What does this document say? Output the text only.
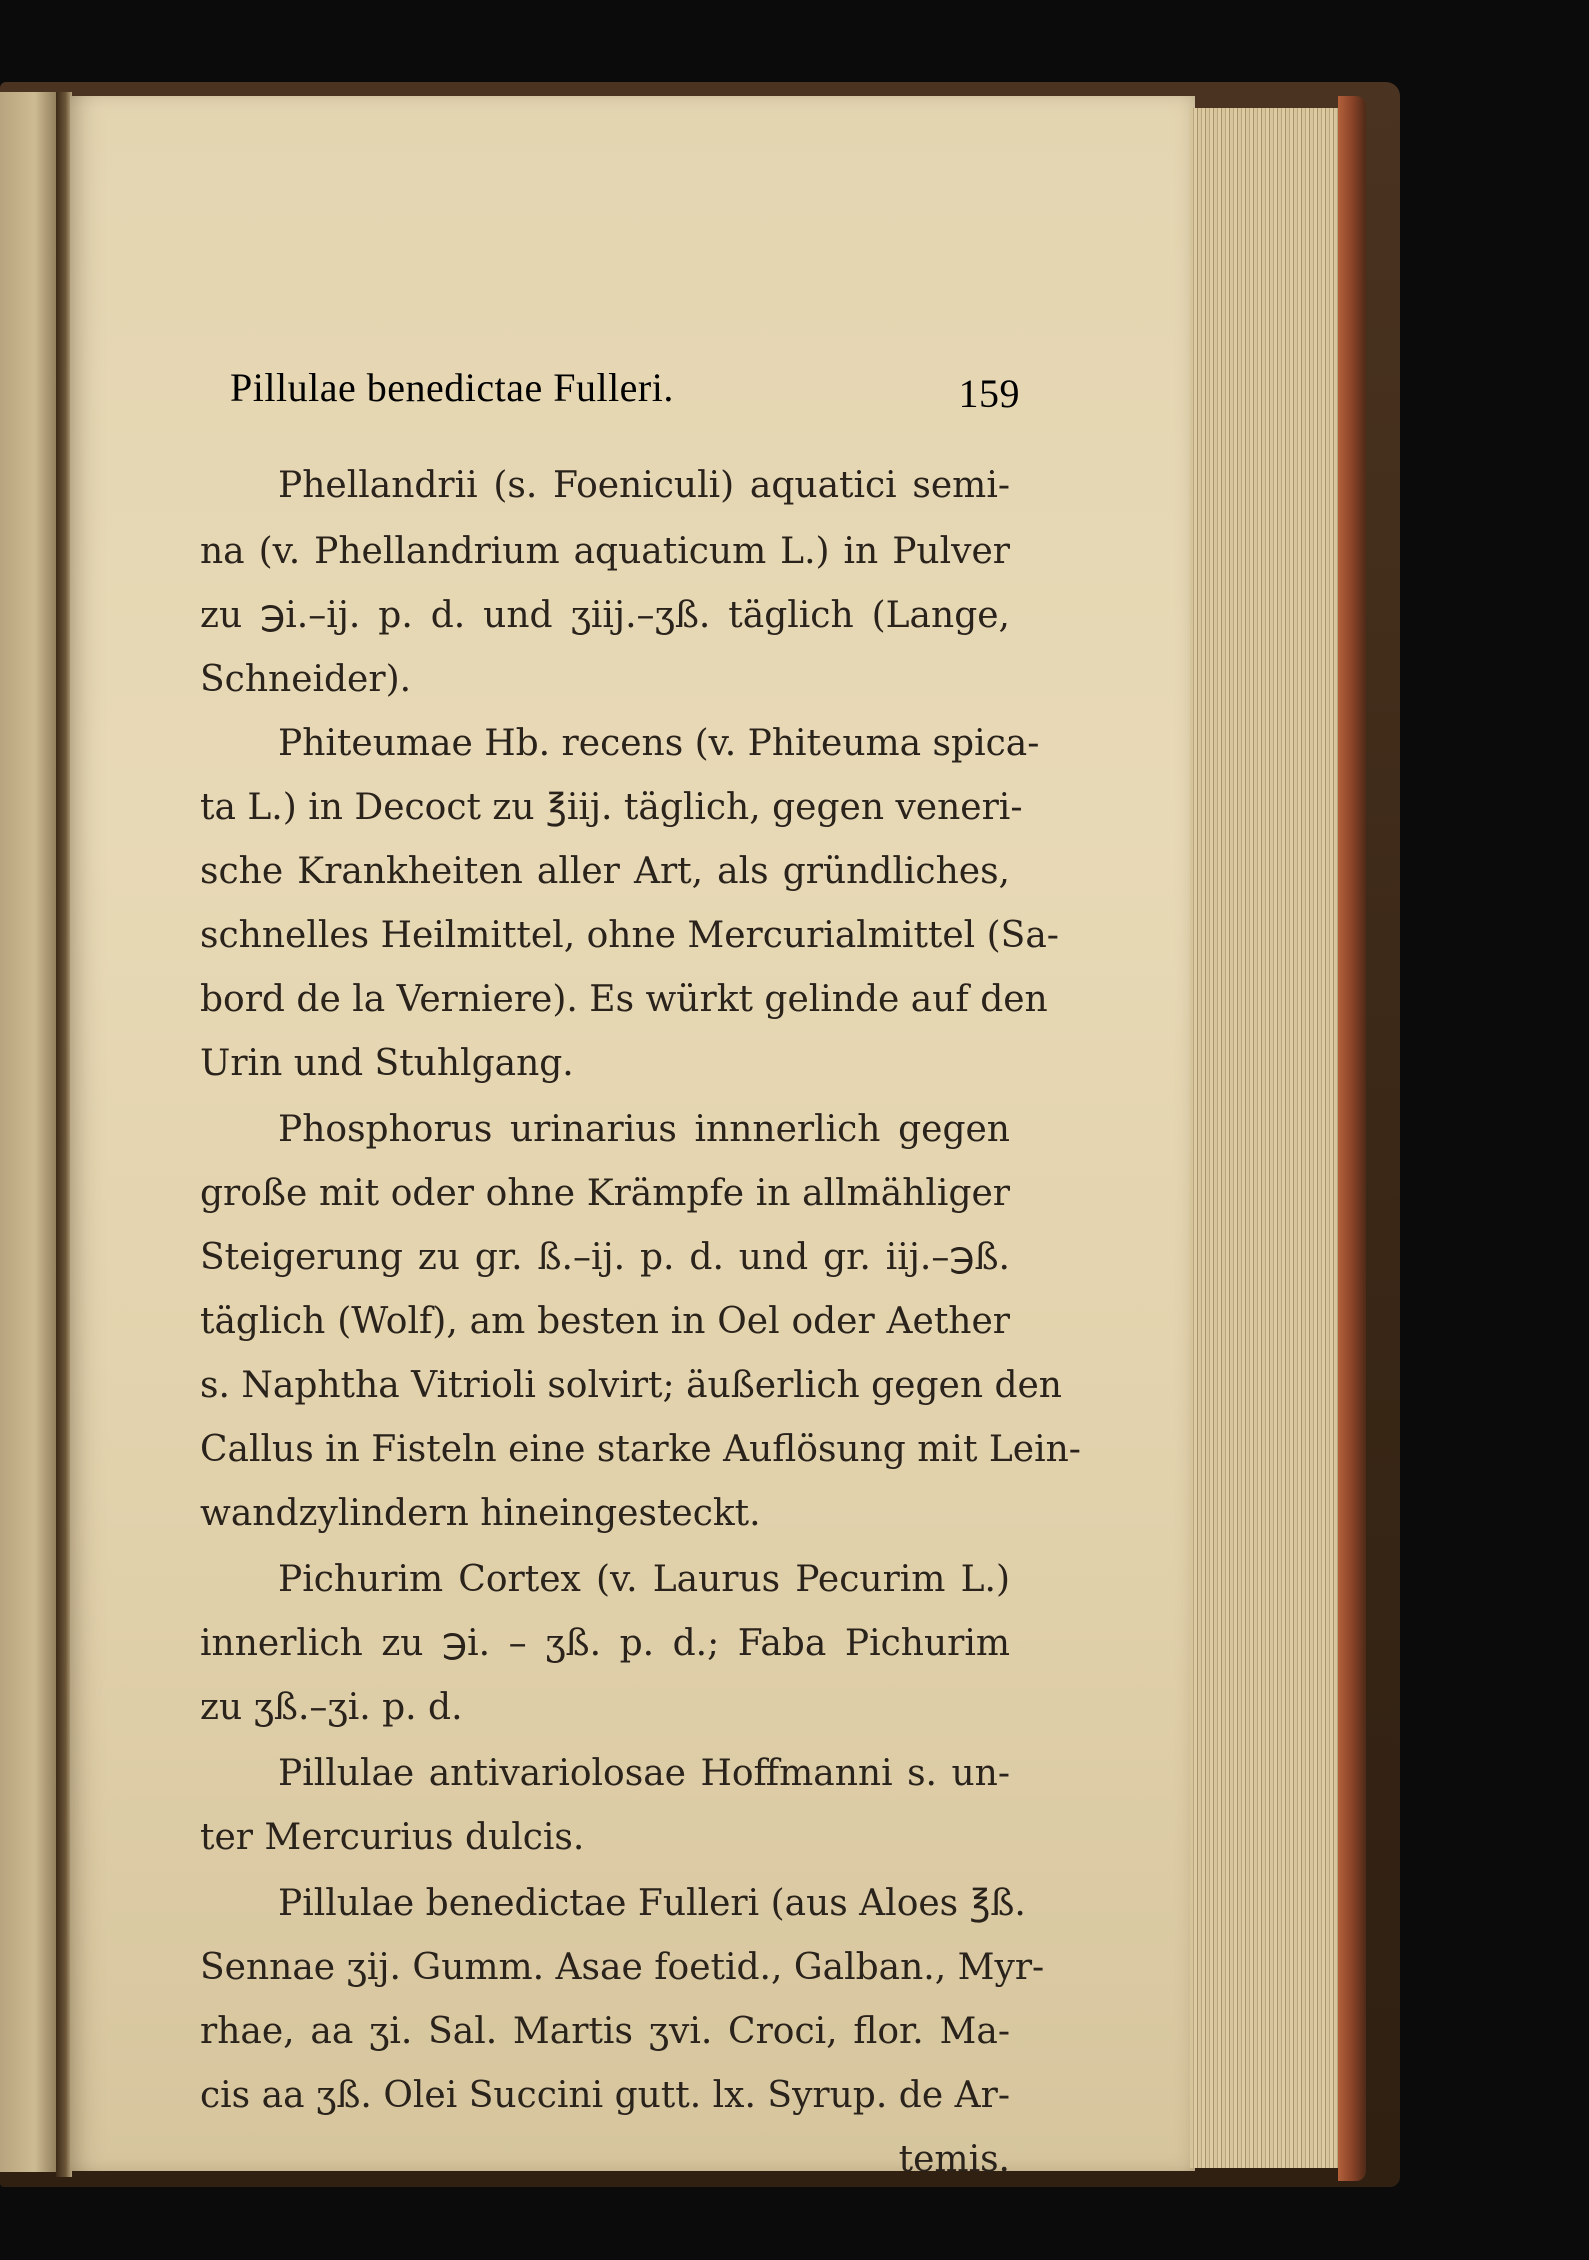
Pillulae benedictae Fulleri.	159
Phellandrii (s. Foeniculi) aquatici semi-
na (v. Phellandrium aquaticum L.) in Pulver
zu ℈i.–ij. p. d. und ʒiij.–ʒß. täglich (Lange,
Schneider).
Phiteumae Hb. recens (v. Phiteuma spica-
ta L.) in Decoct zu ℥iij. täglich, gegen veneri-
sche Krankheiten aller Art, als gründliches,
schnelles Heilmittel, ohne Mercurialmittel (Sa-
bord de la Verniere). Es würkt gelinde auf den
Urin und Stuhlgang.
Phosphorus urinarius innnerlich gegen
große mit oder ohne Krämpfe in allmähliger
Steigerung zu gr. ß.–ij. p. d. und gr. iij.–℈ß.
täglich (Wolf), am besten in Oel oder Aether
s. Naphtha Vitrioli solvirt; äußerlich gegen den
Callus in Fisteln eine starke Auflösung mit Lein-
wandzylindern hineingesteckt.
Pichurim Cortex (v. Laurus Pecurim L.)
innerlich zu ℈i. – ʒß. p. d.; Faba Pichurim
zu ʒß.–ʒi. p. d.
Pillulae antivariolosae Hoffmanni s. un-
ter Mercurius dulcis.
Pillulae benedictae Fulleri (aus Aloes ℥ß.
Sennae ʒij. Gumm. Asae foetid., Galban., Myr-
rhae, aa ʒi. Sal. Martis ʒvi. Croci, flor. Ma-
cis aa ʒß. Olei Succini gutt. lx. Syrup. de Ar-
temis.
